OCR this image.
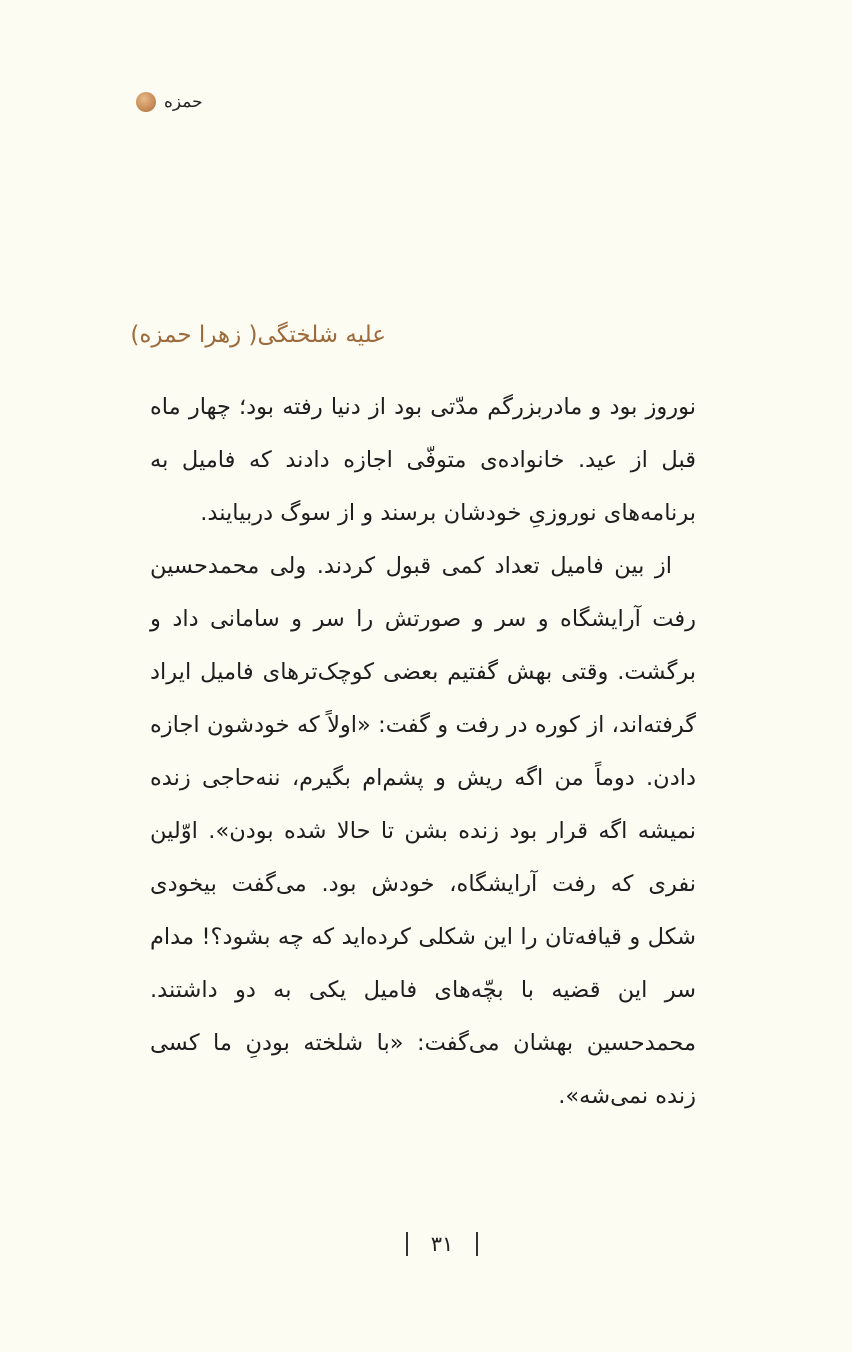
حمزه
علیه شلختگی( زهرا حمزه)

نوروز بود و مادربزرگم مدّتی بود از دنیا رفته بود؛ چهار ماه قبل از عید. خانواده‌ی متوفّی اجازه دادند که فامیل به برنامه‌های نوروزیِ خودشان برسند و از سوگ دربیایند.

از بین فامیل تعداد کمی قبول کردند. ولی محمدحسین رفت آرایشگاه و سر و صورتش را سر و سامانی داد و برگشت. وقتی بهش گفتیم بعضی کوچک‌ترهای فامیل ایراد گرفته‌اند، از کوره در رفت و گفت: «اولاً که خودشون اجازه دادن. دوماً من اگه ریش و پشم‌ام بگیرم، ننه‌حاجی زنده نمیشه اگه قرار بود زنده بشن تا حالا شده بودن». اوّلین نفری که رفت آرایشگاه، خودش بود. می‌گفت بیخودی شکل و قیافه‌تان را این شکلی کرده‌اید که چه بشود؟! مدام سر این قضیه با بچّه‌های فامیل یکی به دو داشتند. محمدحسین بهشان می‌گفت: «با شلخته بودنِ ما کسی زنده نمی‌شه».

۳۱
